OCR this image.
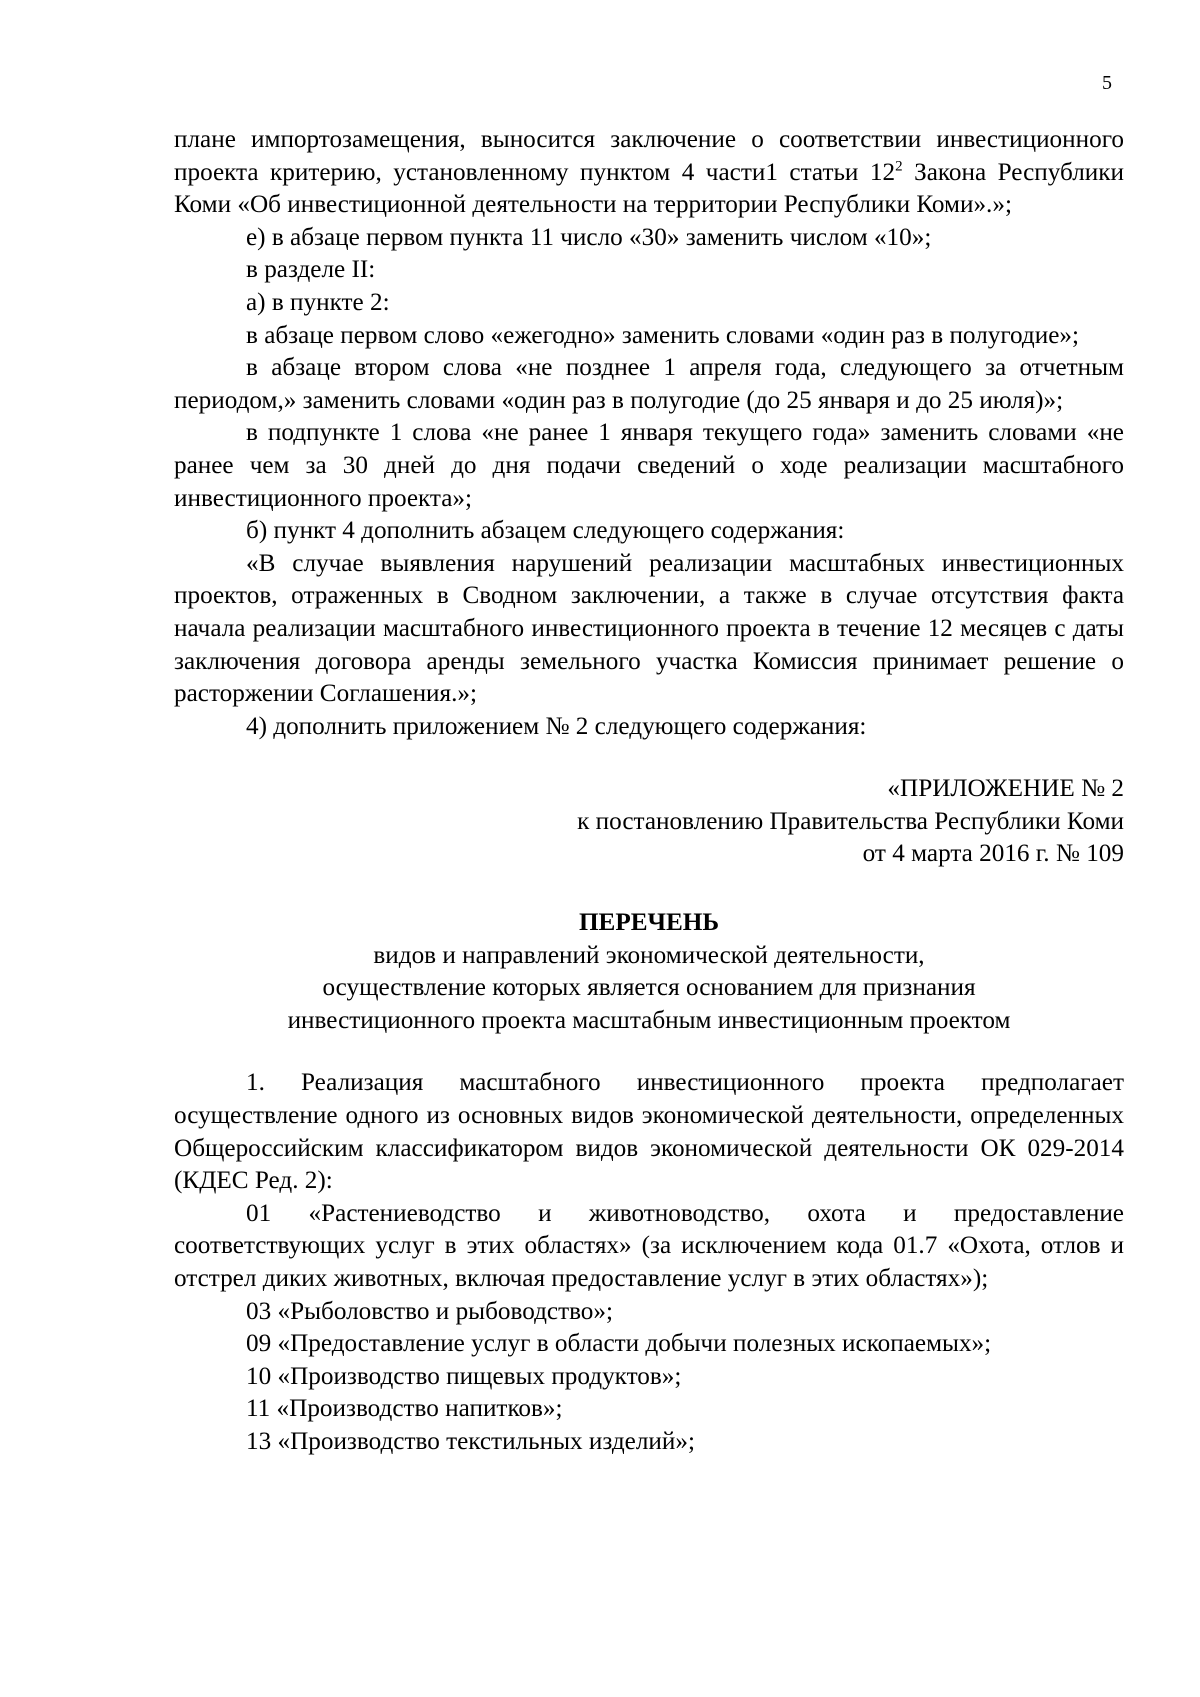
5

плане импортозамещения, выносится заключение о соответствии инвестиционного проекта критерию, установленному пунктом 4 части1 статьи $12^2$ Закона Республики Коми «Об инвестиционной деятельности на территории Республики Коми».»;

е) в абзаце первом пункта 11 число «30» заменить числом «10»;

в разделе II:

а) в пункте 2:

в абзаце первом слово «ежегодно» заменить словами «один раз в полугодие»;

в абзаце втором слова «не позднее 1 апреля года, следующего за отчетным периодом,» заменить словами «один раз в полугодие (до 25 января и до 25 июля)»;

в подпункте 1 слова «не ранее 1 января текущего года» заменить словами «не ранее чем за 30 дней до дня подачи сведений о ходе реализации масштабного инвестиционного проекта»;

б) пункт 4 дополнить абзацем следующего содержания:

«В случае выявления нарушений реализации масштабных инвестиционных проектов, отраженных в Сводном заключении, а также в случае отсутствия факта начала реализации масштабного инвестиционного проекта в течение 12 месяцев с даты заключения договора аренды земельного участка Комиссия принимает решение о расторжении Соглашения.»;

4) дополнить приложением № 2 следующего содержания:

«ПРИЛОЖЕНИЕ № 2
к постановлению Правительства Республики Коми
от 4 марта 2016 г. № 109

ПЕРЕЧЕНЬ

видов и направлений экономической деятельности,
осуществление которых является основанием для признания
инвестиционного проекта масштабным инвестиционным проектом

1. Реализация масштабного инвестиционного проекта предполагает осуществление одного из основных видов экономической деятельности, определенных Общероссийским классификатором видов экономической деятельности ОК 029-2014 (КДЕС Ред. 2):

01 «Растениеводство и животноводство, охота и предоставление соответствующих услуг в этих областях» (за исключением кода 01.7 «Охота, отлов и отстрел диких животных, включая предоставление услуг в этих областях»);

03 «Рыболовство и рыбоводство»;

09 «Предоставление услуг в области добычи полезных ископаемых»;

10 «Производство пищевых продуктов»;

11 «Производство напитков»;

13 «Производство текстильных изделий»;
